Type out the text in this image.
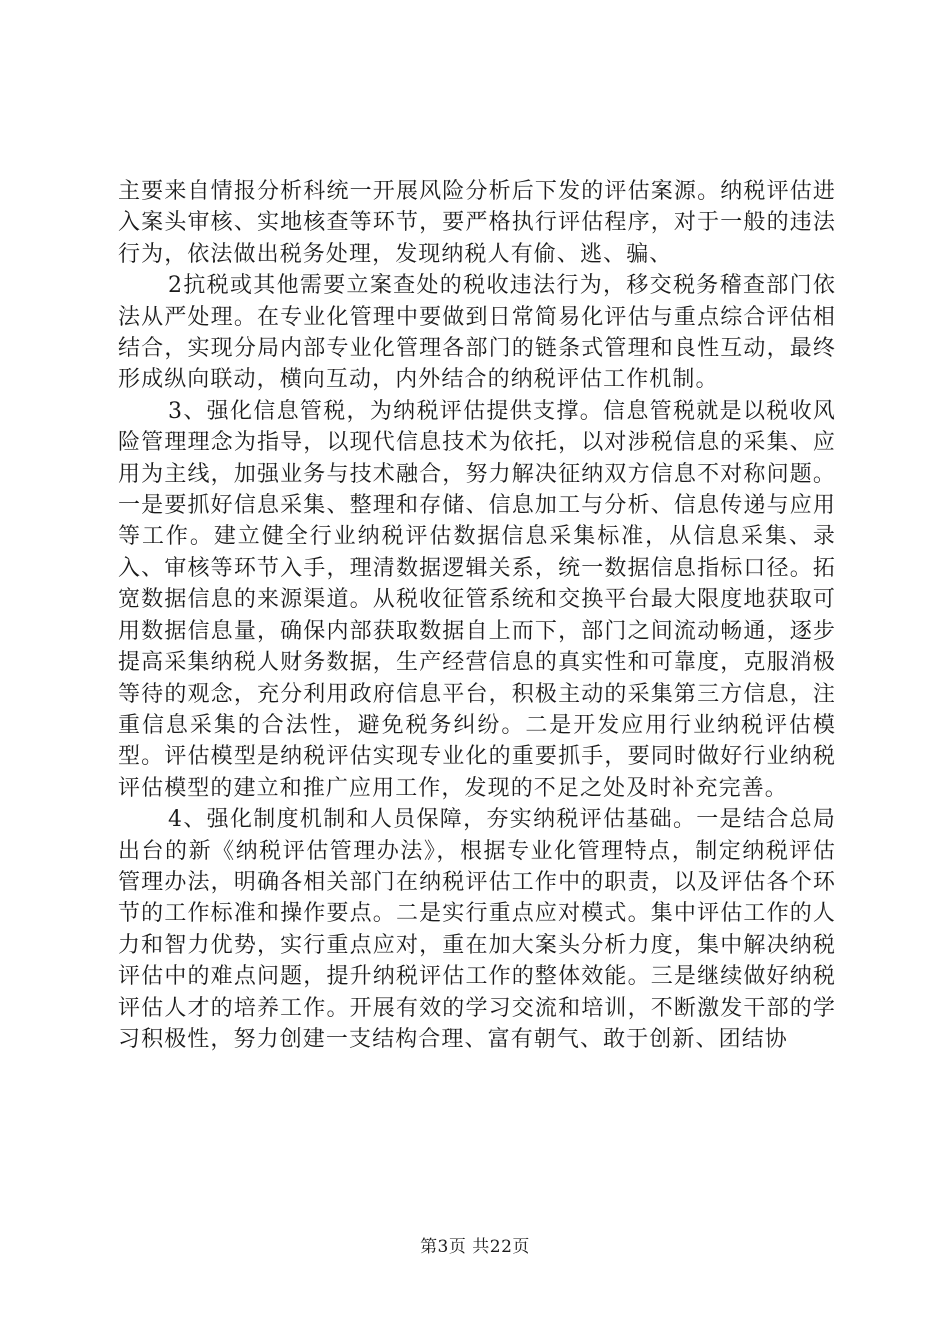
主要来自情报分析科统一开展风险分析后下发的评估案源。纳税评估进入案头审核、实地核查等环节，要严格执行评估程序，对于一般的违法行为，依法做出税务处理，发现纳税人有偷、逃、骗、

2抗税或其他需要立案查处的税收违法行为，移交税务稽查部门依法从严处理。在专业化管理中要做到日常简易化评估与重点综合评估相结合，实现分局内部专业化管理各部门的链条式管理和良性互动，最终形成纵向联动，横向互动，内外结合的纳税评估工作机制。

3、强化信息管税，为纳税评估提供支撑。信息管税就是以税收风险管理理念为指导，以现代信息技术为依托，以对涉税信息的采集、应用为主线，加强业务与技术融合，努力解决征纳双方信息不对称问题。一是要抓好信息采集、整理和存储、信息加工与分析、信息传递与应用等工作。建立健全行业纳税评估数据信息采集标准，从信息采集、录入、审核等环节入手，理清数据逻辑关系，统一数据信息指标口径。拓宽数据信息的来源渠道。从税收征管系统和交换平台最大限度地获取可用数据信息量，确保内部获取数据自上而下，部门之间流动畅通，逐步提高采集纳税人财务数据，生产经营信息的真实性和可靠度，克服消极等待的观念，充分利用政府信息平台，积极主动的采集第三方信息，注重信息采集的合法性，避免税务纠纷。二是开发应用行业纳税评估模型。评估模型是纳税评估实现专业化的重要抓手，要同时做好行业纳税评估模型的建立和推广应用工作，发现的不足之处及时补充完善。

4、强化制度机制和人员保障，夯实纳税评估基础。一是结合总局出台的新《纳税评估管理办法》，根据专业化管理特点，制定纳税评估管理办法，明确各相关部门在纳税评估工作中的职责，以及评估各个环节的工作标准和操作要点。二是实行重点应对模式。集中评估工作的人力和智力优势，实行重点应对，重在加大案头分析力度，集中解决纳税评估中的难点问题，提升纳税评估工作的整体效能。三是继续做好纳税评估人才的培养工作。开展有效的学习交流和培训，不断激发干部的学习积极性，努力创建一支结构合理、富有朝气、敢于创新、团结协

第3页 共22页
